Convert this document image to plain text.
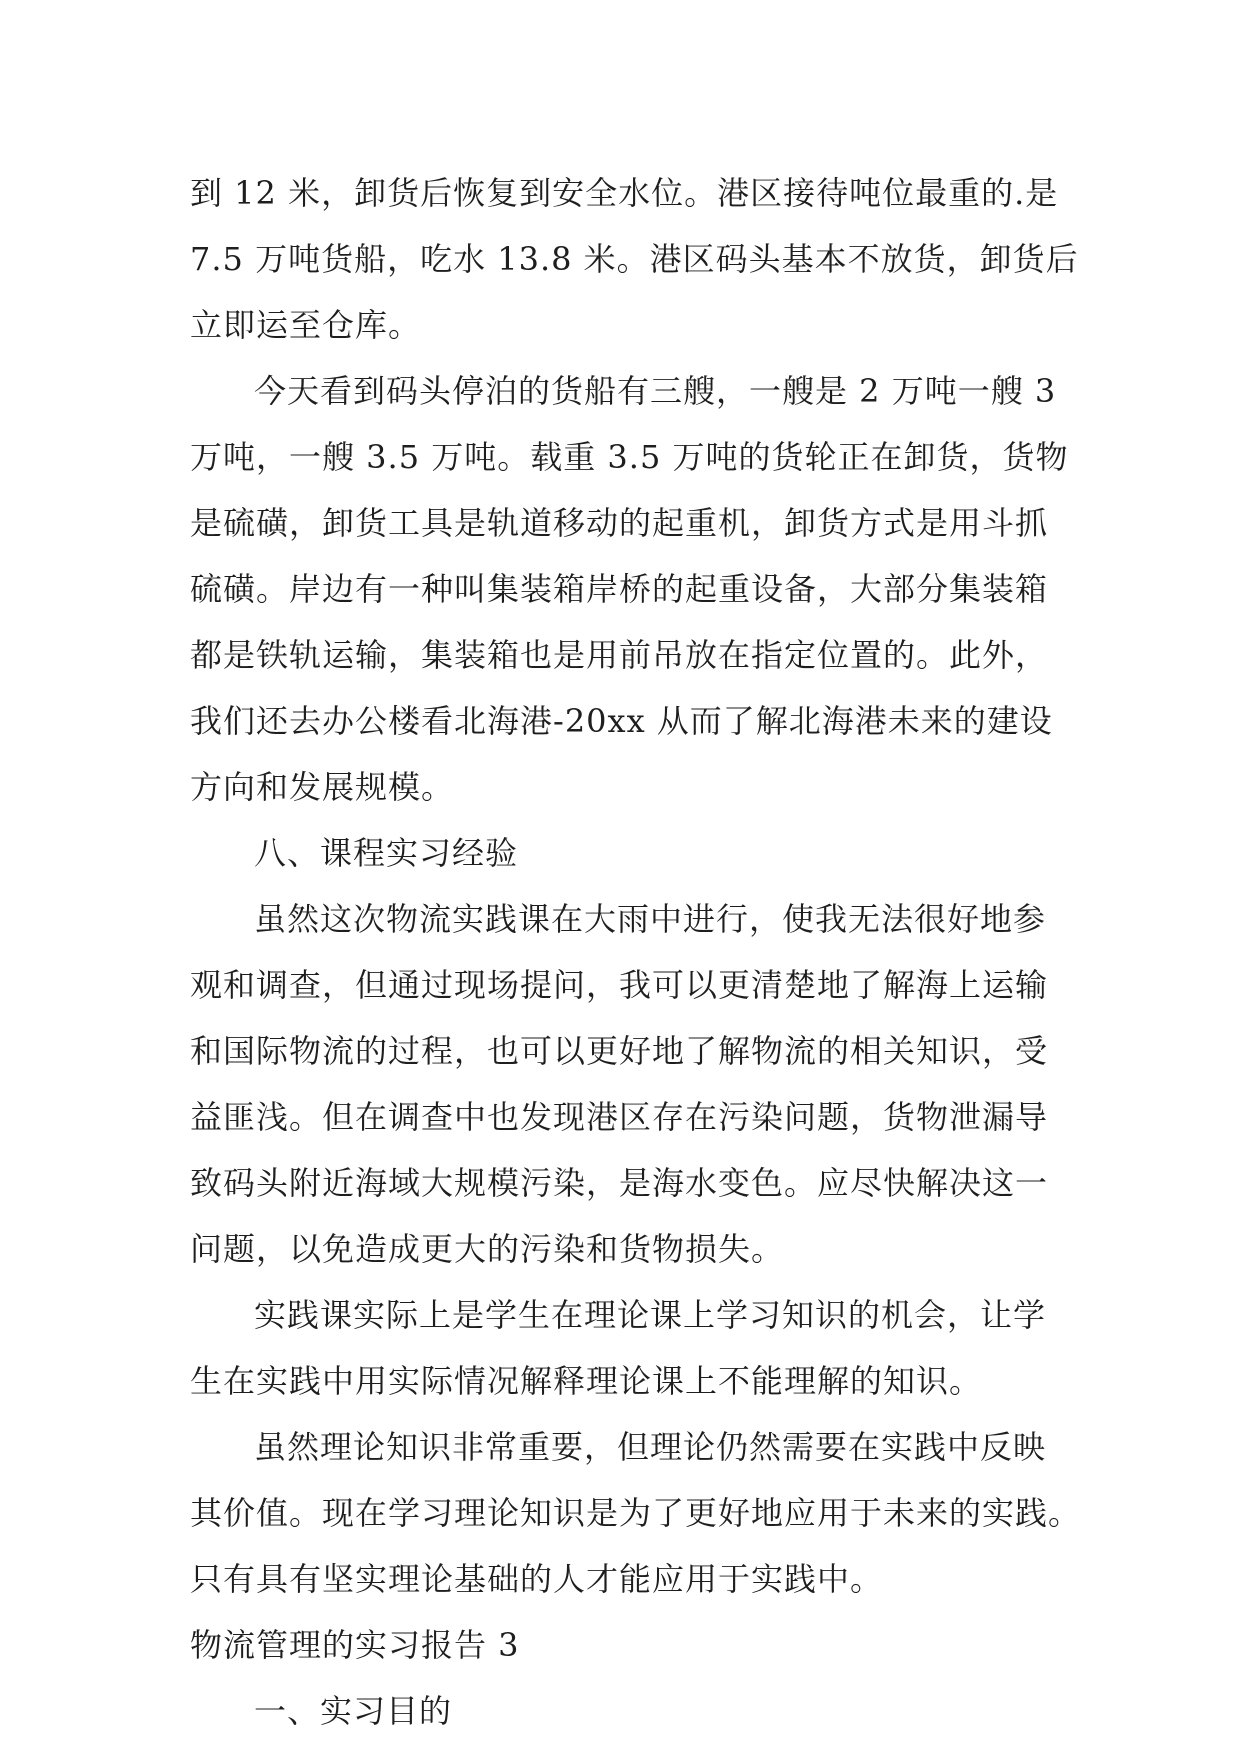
到 12 米，卸货后恢复到安全水位。港区接待吨位最重的.是
7.5 万吨货船，吃水 13.8 米。港区码头基本不放货，卸货后
立即运至仓库。
今天看到码头停泊的货船有三艘，一艘是 2 万吨一艘 3
万吨，一艘 3.5 万吨。载重 3.5 万吨的货轮正在卸货，货物
是硫磺，卸货工具是轨道移动的起重机，卸货方式是用斗抓
硫磺。岸边有一种叫集装箱岸桥的起重设备，大部分集装箱
都是铁轨运输，集装箱也是用前吊放在指定位置的。此外，
我们还去办公楼看北海港-20xx 从而了解北海港未来的建设
方向和发展规模。
八、课程实习经验
虽然这次物流实践课在大雨中进行，使我无法很好地参
观和调查，但通过现场提问，我可以更清楚地了解海上运输
和国际物流的过程，也可以更好地了解物流的相关知识，受
益匪浅。但在调查中也发现港区存在污染问题，货物泄漏导
致码头附近海域大规模污染，是海水变色。应尽快解决这一
问题，以免造成更大的污染和货物损失。
实践课实际上是学生在理论课上学习知识的机会，让学
生在实践中用实际情况解释理论课上不能理解的知识。
虽然理论知识非常重要，但理论仍然需要在实践中反映
其价值。现在学习理论知识是为了更好地应用于未来的实践。
只有具有坚实理论基础的人才能应用于实践中。
物流管理的实习报告 3
一、实习目的
